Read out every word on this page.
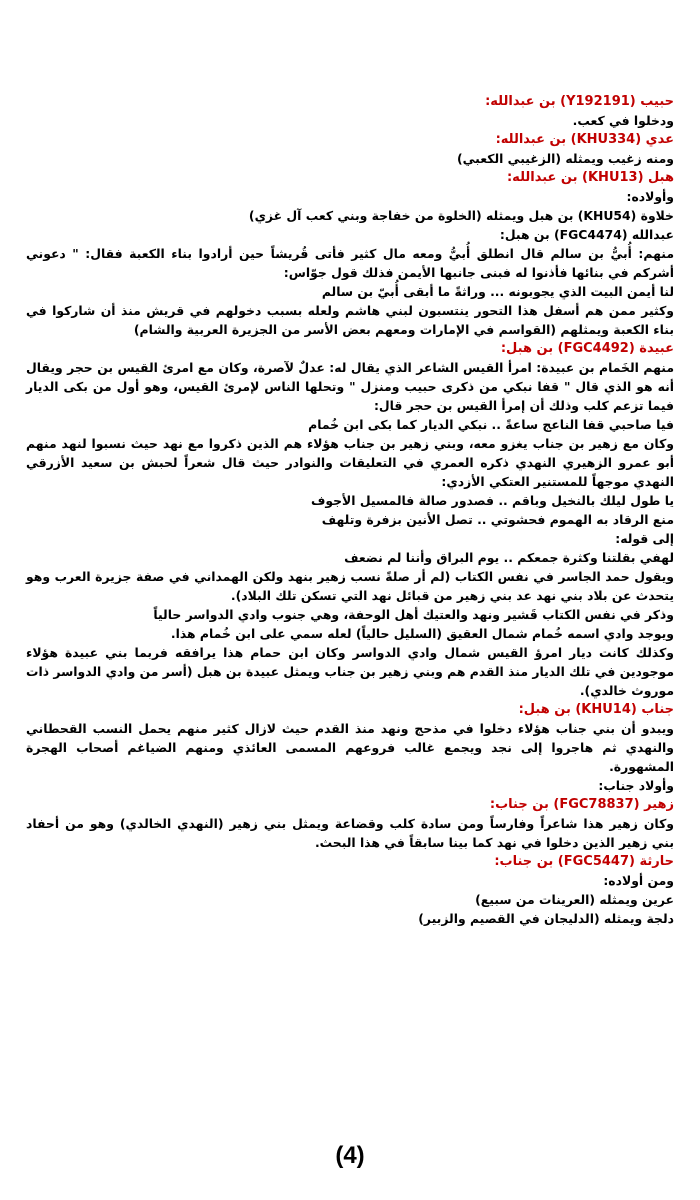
حبيب (Y192191) بن عبدالله:

ودخلوا في كعب.

عدي (KHU334) بن عبدالله:

ومنه زغيب ويمثله (الزغيبي الكعبي)

هبل (KHU13) بن عبدالله:

وأولاده:

خلاوة (KHU54) بن هبل ويمثله (الخلوة من خفاجة وبني كعب آل غزي)

عبدالله (FGC4474) بن هبل:

منهم: أُبيُّ بن سالم قال انطلق أُبيُّ ومعه مال كثير فأتى قُريشاً حين أرادوا بناء الكعبة فقال: " دعوني أشركم في بنائها فأذنوا له فبنى جانبها الأيمن فذلك قول جوّاس:

لنا أيمن البيت الذي يجوبونه ... وراثةً ما أبقى أُبيّ بن سالم

وكثير ممن هم أسفل هذا التحور ينتسبون لبني هاشم ولعله بسبب دخولهم في قريش منذ أن شاركوا في بناء الكعبة ويمثلهم (القواسم في الإمارات ومعهم بعض الأسر من الجزيرة العربية والشام)

عبيدة (FGC4492) بن هبل:

منهم الخَمام بن عبيدة: امرأ القيس الشاعر الذي يقال له: عدلٌ لآصرة، وكان مع امرئ القيس بن حجر ويقال أنه هو الذي قال " قفا نبكي من ذكرى حبيب ومنزل " وتحلها الناس لإمرئ القيس، وهو أول من بكى الديار فيما تزعم كلب وذلك أن إمرأ القيس بن حجر قال:

فيا صاحبي قفا الناعج ساعةً .. نبكي الديار كما بكى ابن خُمام

وكان مع زهير بن جناب يغزو معه، وبني زهير بن جناب هؤلاء هم الذين ذكروا مع نهد حيث نسبوا لنهد منهم أبو عمرو الزهيري النهدي ذكره العمري في التعليقات والنوادر حيث قال شعراً لحبش بن سعيد الأزرقي النهدي موجهاً للمستنير العتكي الأزدي:

يا طول ليلك بالنخيل وباقم .. فصدور صالة فالمسيل الأجوف

منع الرقاد به الهموم فحشوتي .. تصل الأنين بزفرة وتلهف

إلى قوله:

لهفي بقلتنا وكثرة جمعكم .. يوم البراق وأننا لم نضعف

ويقول حمد الجاسر في نفس الكتاب (لم أر صلةً نسب زهير بنهد ولكن الهمداني في صفة جزيرة العرب وهو يتحدث عن بلاد بني نهد عد بني زهير من قبائل نهد التي تسكن تلك البلاد).

وذكر في نفس الكتاب قَشير ونهد والعتيك أهل الوحفة، وهي جنوب وادي الدواسر حالياً

ويوجد وادي اسمه خُمام شمال العقيق (السليل حالياً) لعله سمي على ابن خُمام هذا.

وكذلك كانت ديار امرؤ القيس شمال وادي الدواسر وكان ابن حمام هذا يرافقه فربما بني عبيدة هؤلاء موجودين في تلك الديار منذ القدم هم وبني زهير بن جناب ويمثل عبيدة بن هبل (أسر من وادي الدواسر ذات موروث خالدي).

جناب (KHU14) بن هبل:

ويبدو أن بني جناب هؤلاء دخلوا في مذحج ونهد منذ القدم حيث لازال كثير منهم يحمل النسب القحطاني والنهدي ثم هاجروا إلى نجد ويجمع غالب فروعهم المسمى العائذي ومنهم الضياغم أصحاب الهجرة المشهورة.

وأولاد جناب:

زهير (FGC78837) بن جناب:

وكان زهير هذا شاعراً وفارساً ومن سادة كلب وقضاعة ويمثل بني زهير (النهدي الخالدي) وهو من أحفاد بني زهير الذين دخلوا في نهد كما بينا سابقاً في هذا البحث.

حارثة (FGC5447) بن جناب:

ومن أولاده:

عرين ويمثله (العرينات من سبيع)

دلجة ويمثله (الدليجان في القصيم والزبير)

(4)
